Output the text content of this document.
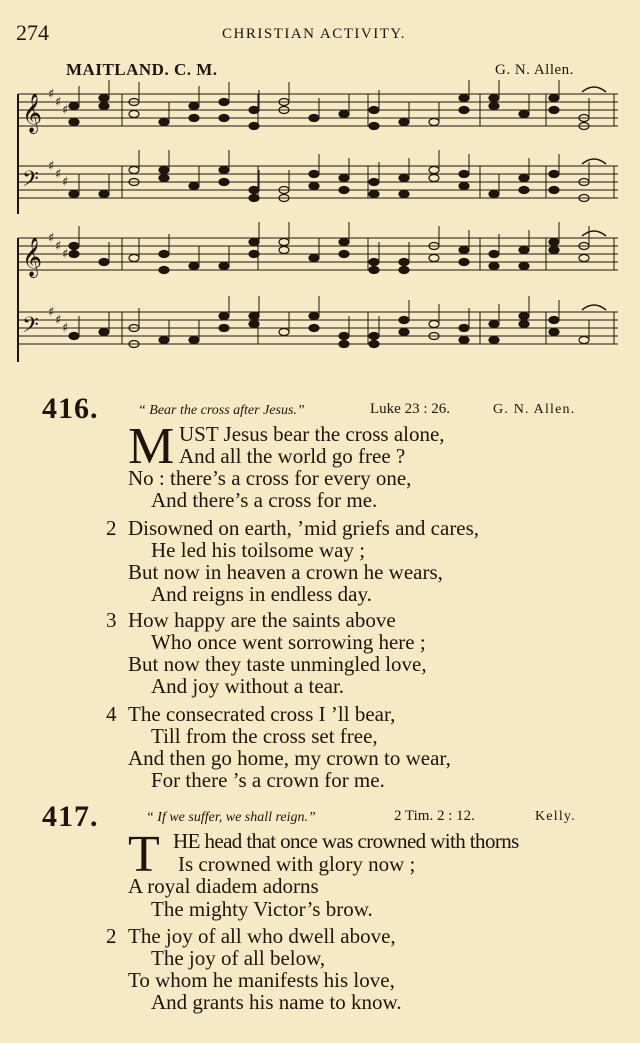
274	CHRISTIAN ACTIVITY.
MAITLAND. C. M.	G. N. Allen.
𝄞 ♯
♯
♯
𝄢
♯
♯
♯
𝄞 ♯
♯
♯
𝄢
♯
♯
♯
416.	“ Bear the cross after Jesus.”	Luke 23 : 26.	G. N. Allen.
M UST Jesus bear the cross alone,
And all the world go free ?
No : there’s a cross for every one,
And there’s a cross for me.
2 Disowned on earth, ’mid griefs and cares,
He led his toilsome way ;
But now in heaven a crown he wears,
And reigns in endless day.
3 How happy are the saints above
Who once went sorrowing here ;
But now they taste unmingled love,
And joy without a tear.
4 The consecrated cross I ’ll bear,
Till from the cross set free,
And then go home, my crown to wear,
For there ’s a crown for me.
417.	“ If we suffer, we shall reign.”	2 Tim. 2 : 12.	Kelly.
T HE head that once was crowned with thorns
Is crowned with glory now ;
A royal diadem adorns
The mighty Victor’s brow.
2 The joy of all who dwell above,
The joy of all below,
To whom he manifests his love,
And grants his name to know.
